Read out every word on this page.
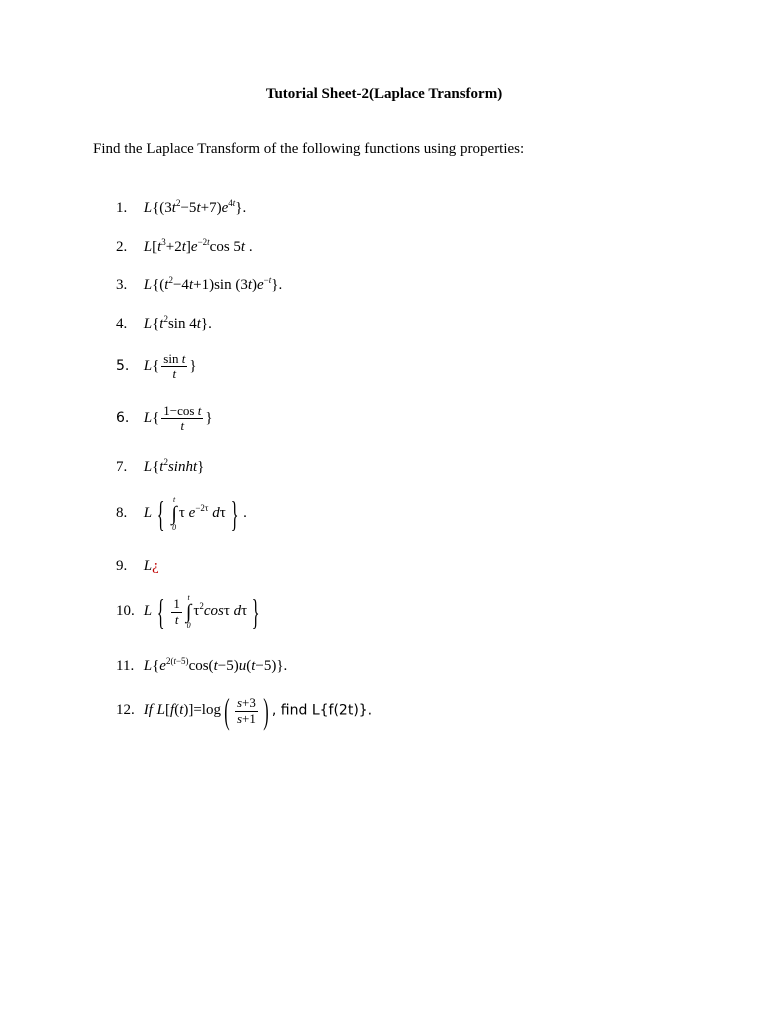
Tutorial Sheet-2(Laplace Transform)
Find the Laplace Transform of the following functions using properties:
1. $L\{(3t^2-5t+7)e^{4t}\}$.
2. $L[t^3+2t]e^{-2t}\cos$ 5t .
3. $L\{(t^2-4t+1)\sin$ $(3t)e^{-t}$}.
4. $L\{t^2\sin$ 4t}.
5. $L\{ \frac{\text{sin t}}{t}$ }
6. $L\{ \frac{\text{1−cos t}}{t}$ }
7. $L\{t^2\sinh t\}$
8. L { t
∫
0
τ $e^{-2\tau}$ dτ } .
9. L¿
10. L { $\frac{1}{t}$ t
∫
0
$\tau^2\cos\tau$ dτ }
11. $L\{e^{2(t-5)}\cos(t-5)u(t-5)\}$.
12. If $L[f(t)]=\log( \frac{s+3}{s+1}$ ) , find L{f(2t)}.
